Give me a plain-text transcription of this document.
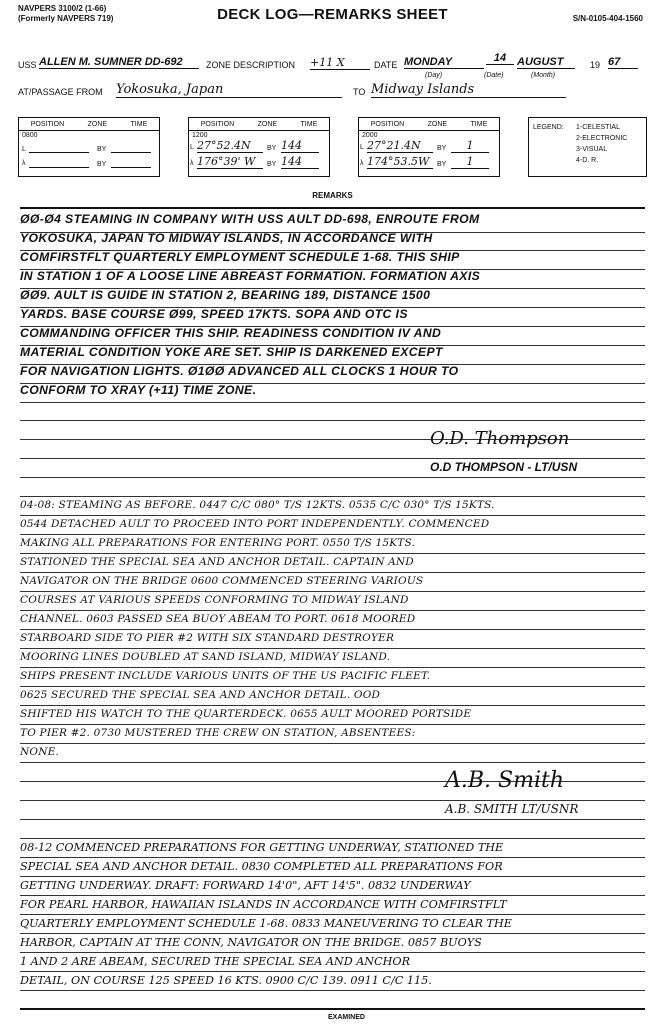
NAVPERS 3100/2 (1-66)
(Formerly NAVPERS 719)	DECK LOG—REMARKS SHEET	S/N-0105-404-1560
USS ALLEN M. SUMNER DD-692	ZONE DESCRIPTION +11 X	DATE MONDAY	14 AUGUST	19 67
(Day)	(Date)	(Month)
AT/PASSAGE FROM Yokosuka, Japan	TO Midway Islands
POSITION	ZONE	TIME
0800
L	BY
λ	BY
POSITION	ZONE	TIME
1200
L 27°52.4N	BY 144
λ 176°39' W	BY 144
POSITION	ZONE	TIME
2000
L 27°21.4N	BY	1
λ 174°53.5W	BY	1
LEGEND: 1-CELESTIAL
2-ELECTRONIC
3-VISUAL
4-D. R.
REMARKS
ØØ-Ø4 STEAMING IN COMPANY WITH USS AULT DD-698, ENROUTE FROM
YOKOSUKA, JAPAN TO MIDWAY ISLANDS, IN ACCORDANCE WITH
COMFIRSTFLT QUARTERLY EMPLOYMENT SCHEDULE 1-68. THIS SHIP
IN STATION 1 OF A LOOSE LINE ABREAST FORMATION. FORMATION AXIS
ØØ9. AULT IS GUIDE IN STATION 2, BEARING 189, DISTANCE 1500
YARDS. BASE COURSE Ø99, SPEED 17KTS. SOPA AND OTC IS
COMMANDING OFFICER THIS SHIP. READINESS CONDITION IV AND
MATERIAL CONDITION YOKE ARE SET. SHIP IS DARKENED EXCEPT
FOR NAVIGATION LIGHTS. Ø1ØØ ADVANCED ALL CLOCKS 1 HOUR TO
CONFORM TO XRAY (+11) TIME ZONE.
O.D. Thompson
O.D THOMPSON - LT/USN
04-08: STEAMING AS BEFORE. 0447 C/C 080° T/S 12KTS. 0535 C/C 030° T/S 15KTS.
0544 DETACHED AULT TO PROCEED INTO PORT INDEPENDENTLY. COMMENCED
MAKING ALL PREPARATIONS FOR ENTERING PORT. 0550 T/S 15KTS.
STATIONED THE SPECIAL SEA AND ANCHOR DETAIL. CAPTAIN AND
NAVIGATOR ON THE BRIDGE 0600 COMMENCED STEERING VARIOUS
COURSES AT VARIOUS SPEEDS CONFORMING TO MIDWAY ISLAND
CHANNEL. 0603 PASSED SEA BUOY ABEAM TO PORT. 0618 MOORED
STARBOARD SIDE TO PIER #2 WITH SIX STANDARD DESTROYER
MOORING LINES DOUBLED AT SAND ISLAND, MIDWAY ISLAND.
SHIPS PRESENT INCLUDE VARIOUS UNITS OF THE US PACIFIC FLEET.
0625 SECURED THE SPECIAL SEA AND ANCHOR DETAIL. OOD
SHIFTED HIS WATCH TO THE QUARTERDECK. 0655 AULT MOORED PORTSIDE
TO PIER #2. 0730 MUSTERED THE CREW ON STATION, ABSENTEES:
NONE.
A.B. Smith
A.B. SMITH LT/USNR
08-12 COMMENCED PREPARATIONS FOR GETTING UNDERWAY, STATIONED THE
SPECIAL SEA AND ANCHOR DETAIL. 0830 COMPLETED ALL PREPARATIONS FOR
GETTING UNDERWAY. DRAFT: FORWARD 14'0", AFT 14'5". 0832 UNDERWAY
FOR PEARL HARBOR, HAWAIIAN ISLANDS IN ACCORDANCE WITH COMFIRSTFLT
QUARTERLY EMPLOYMENT SCHEDULE 1-68. 0833 MANEUVERING TO CLEAR THE
HARBOR, CAPTAIN AT THE CONN, NAVIGATOR ON THE BRIDGE. 0857 BUOYS
1 AND 2 ARE ABEAM, SECURED THE SPECIAL SEA AND ANCHOR
DETAIL, ON COURSE 125 SPEED 16 KTS. 0900 C/C 139. 0911 C/C 115.
EXAMINED
